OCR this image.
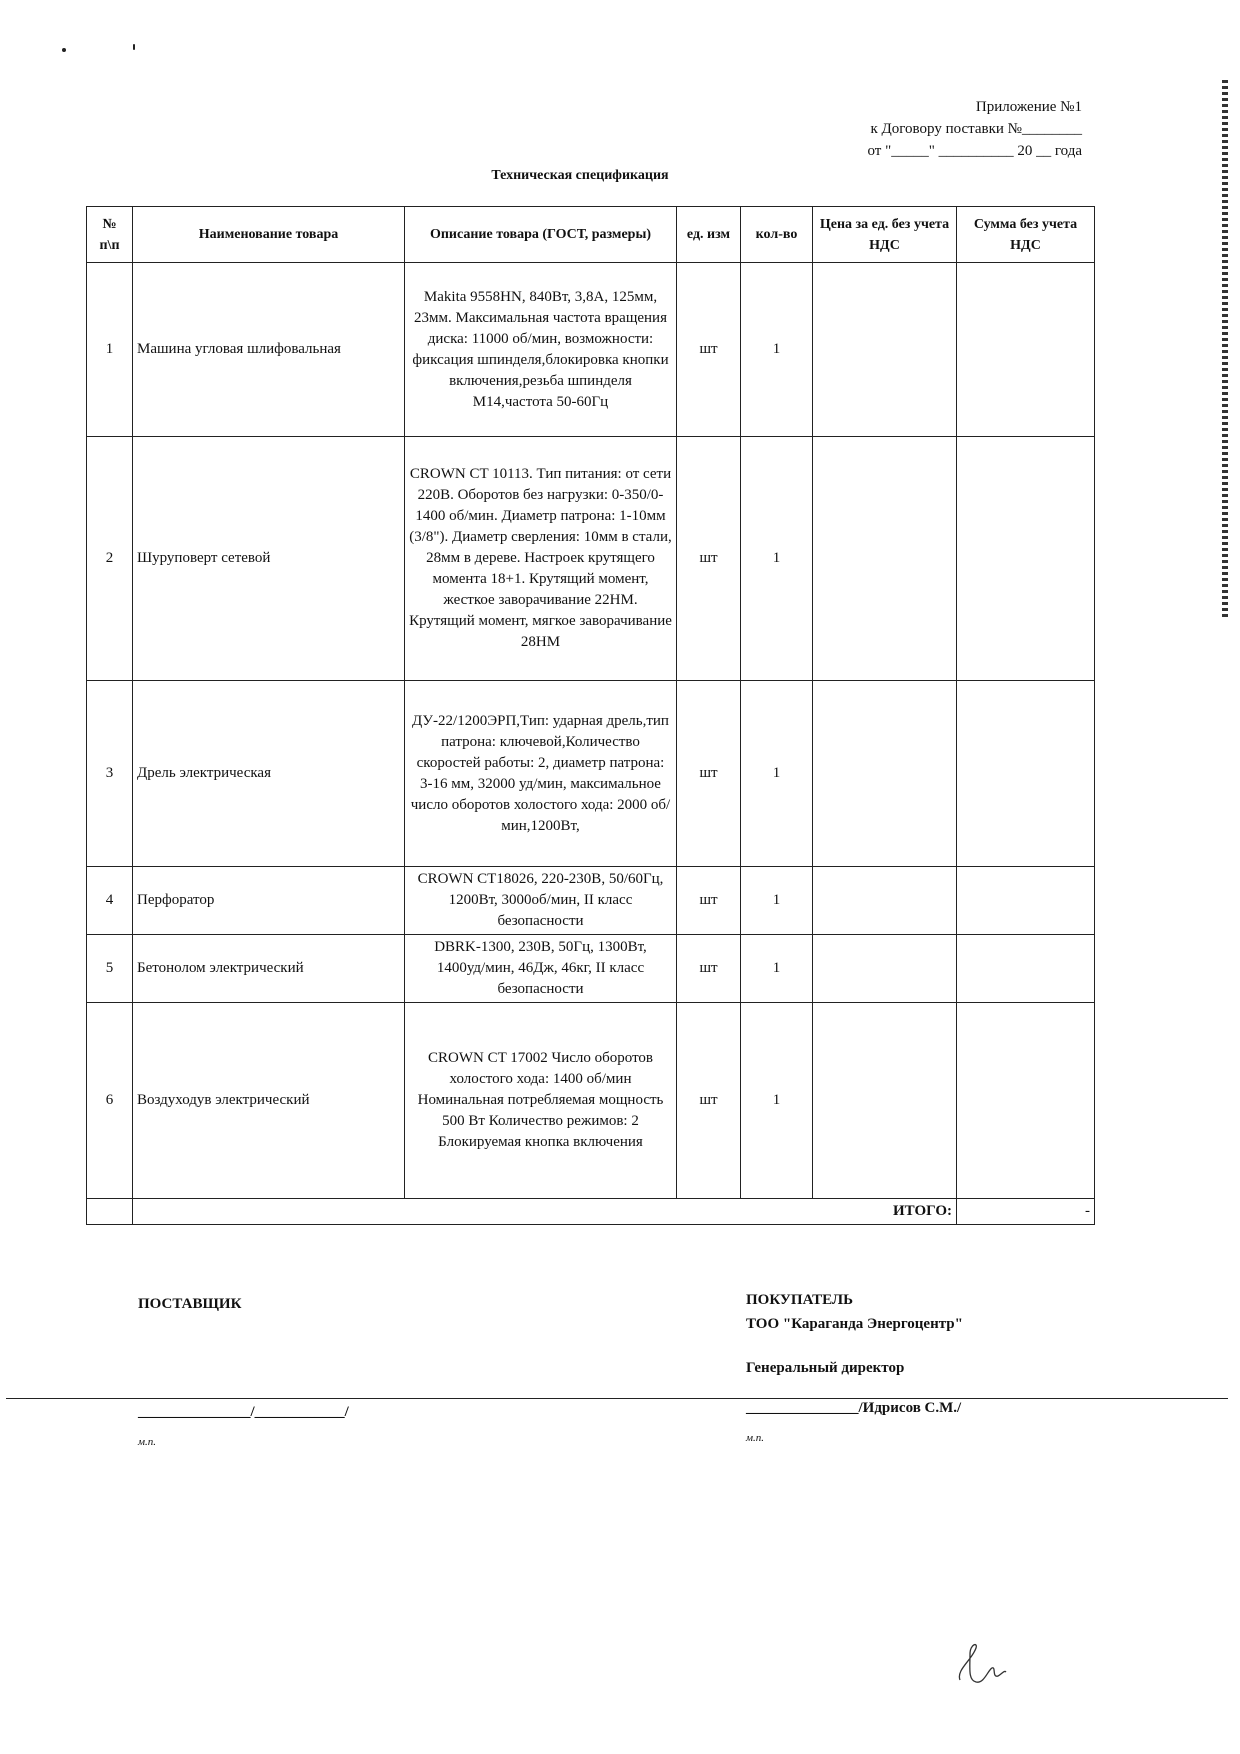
Приложение №1
к Договору поставки №________
от "_____" __________ 20 __ года
Техническая спецификация
№ п\п	Наименование товара	Описание товара (ГОСТ, размеры)	ед. изм	кол-во	Цена за ед. без учета НДС	Сумма без учета НДС
1	Машина угловая шлифовальная	Makita 9558HN, 840Вт, 3,8А, 125мм, 23мм. Максимальная частота вращения диска: 11000 об/мин, возможности: фиксация шпинделя,блокировка кнопки включения,резьба шпинделя М14,частота 50-60Гц	шт	1		
2	Шуруповерт сетевой	CROWN CT 10113. Тип питания: от сети 220В. Оборотов без нагрузки: 0-350/0-1400 об/мин. Диаметр патрона: 1-10мм (3/8"). Диаметр сверления: 10мм в стали, 28мм в дереве. Настроек крутящего момента 18+1. Крутящий момент, жесткое заворачивание 22НМ. Крутящий момент, мягкое заворачивание 28НМ	шт	1		
3	Дрель электрическая	ДУ-22/1200ЭРП,Тип: ударная дрель,тип патрона: ключевой,Количество скоростей работы: 2, диаметр патрона: 3-16 мм, 32000 уд/мин, максимальное число оборотов холостого хода: 2000 об/мин,1200Вт,	шт	1		
4	Перфоратор	CROWN CT18026, 220-230В, 50/60Гц, 1200Вт, 3000об/мин, II класс безопасности	шт	1		
5	Бетонолом электрический	DBRK-1300, 230В, 50Гц, 1300Вт, 1400уд/мин, 46Дж, 46кг, II класс безопасности	шт	1		
6	Воздуходув электрический	CROWN CT 17002 Число оборотов холостого хода: 1400 об/мин Номинальная потребляемая мощность 500 Вт Количество режимов: 2 Блокируемая кнопка включения	шт	1		
	ИТОГО:					-
ПОСТАВЩИК	ПОКУПАТЕЛЬ
ТОО "Караганда Энергоцентр"
Генеральный директор
_______________/____________/
м.п.
_______________/Идрисов С.М./
м.п.
